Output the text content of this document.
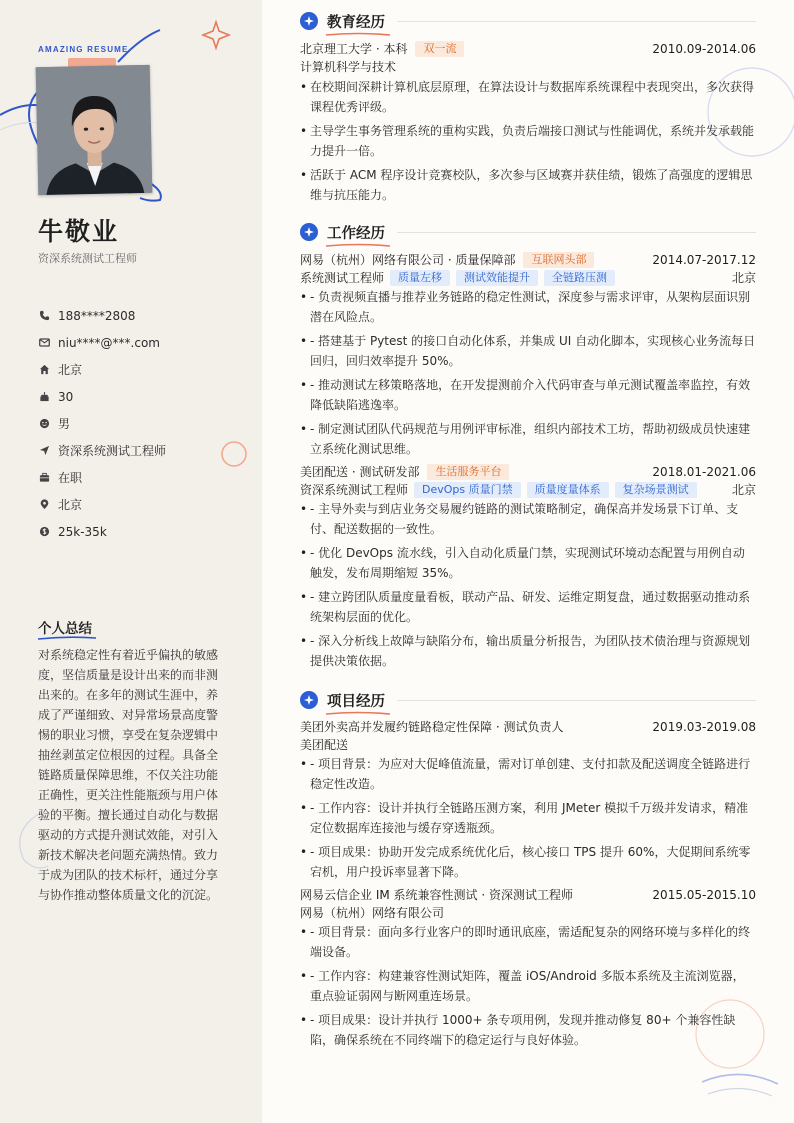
AMAZING RESUME
牛敬业
资深系统测试工程师
188****2808
niu****@***.com
北京
30
男
资深系统测试工程师
在职
北京
25k-35k
个人总结
对系统稳定性有着近乎偏执的敏感度，坚信质量是设计出来的而非测出来的。在多年的测试生涯中，养成了严谨细致、对异常场景高度警惕的职业习惯，享受在复杂逻辑中抽丝剥茧定位根因的过程。具备全链路质量保障思维，不仅关注功能正确性，更关注性能瓶颈与用户体验的平衡。擅长通过自动化与数据驱动的方式提升测试效能，对引入新技术解决老问题充满热情。致力于成为团队的技术标杆，通过分享与协作推动整体质量文化的沉淀。
教育经历
北京理工大学 · 本科	双一流	2010.09-2014.06
计算机科学与技术
• 在校期间深耕计算机底层原理，在算法设计与数据库系统课程中表现突出，多次获得课程优秀评级。
• 主导学生事务管理系统的重构实践，负责后端接口测试与性能调优，系统并发承载能力提升一倍。
• 活跃于 ACM 程序设计竞赛校队，多次参与区域赛并获佳绩，锻炼了高强度的逻辑思维与抗压能力。
工作经历
网易（杭州）网络有限公司 · 质量保障部	互联网头部	2014.07-2017.12
系统测试工程师	质量左移	测试效能提升	全链路压测	北京
• - 负责视频直播与推荐业务链路的稳定性测试，深度参与需求评审，从架构层面识别潜在风险点。
• - 搭建基于 Pytest 的接口自动化体系，并集成 UI 自动化脚本，实现核心业务流每日回归，回归效率提升 50%。
• - 推动测试左移策略落地，在开发提测前介入代码审查与单元测试覆盖率监控，有效降低缺陷逃逸率。
• - 制定测试团队代码规范与用例评审标准，组织内部技术工坊，帮助初级成员快速建立系统化测试思维。
美团配送 · 测试研发部	生活服务平台	2018.01-2021.06
资深系统测试工程师	DevOps 质量门禁	质量度量体系	复杂场景测试	北京
• - 主导外卖与到店业务交易履约链路的测试策略制定，确保高并发场景下订单、支付、配送数据的一致性。
• - 优化 DevOps 流水线，引入自动化质量门禁，实现测试环境动态配置与用例自动触发，发布周期缩短 35%。
• - 建立跨团队质量度量看板，联动产品、研发、运维定期复盘，通过数据驱动推动系统架构层面的优化。
• - 深入分析线上故障与缺陷分布，输出质量分析报告，为团队技术债治理与资源规划提供决策依据。
项目经历
美团外卖高并发履约链路稳定性保障 · 测试负责人	2019.03-2019.08
美团配送
• - 项目背景：为应对大促峰值流量，需对订单创建、支付扣款及配送调度全链路进行稳定性改造。
• - 工作内容：设计并执行全链路压测方案，利用 JMeter 模拟千万级并发请求，精准定位数据库连接池与缓存穿透瓶颈。
• - 项目成果：协助开发完成系统优化后，核心接口 TPS 提升 60%，大促期间系统零宕机，用户投诉率显著下降。
网易云信企业 IM 系统兼容性测试 · 资深测试工程师	2015.05-2015.10
网易（杭州）网络有限公司
• - 项目背景：面向多行业客户的即时通讯底座，需适配复杂的网络环境与多样化的终端设备。
• - 工作内容：构建兼容性测试矩阵，覆盖 iOS/Android 多版本系统及主流浏览器，重点验证弱网与断网重连场景。
• - 项目成果：设计并执行 1000+ 条专项用例，发现并推动修复 80+ 个兼容性缺陷，确保系统在不同终端下的稳定运行与良好体验。
